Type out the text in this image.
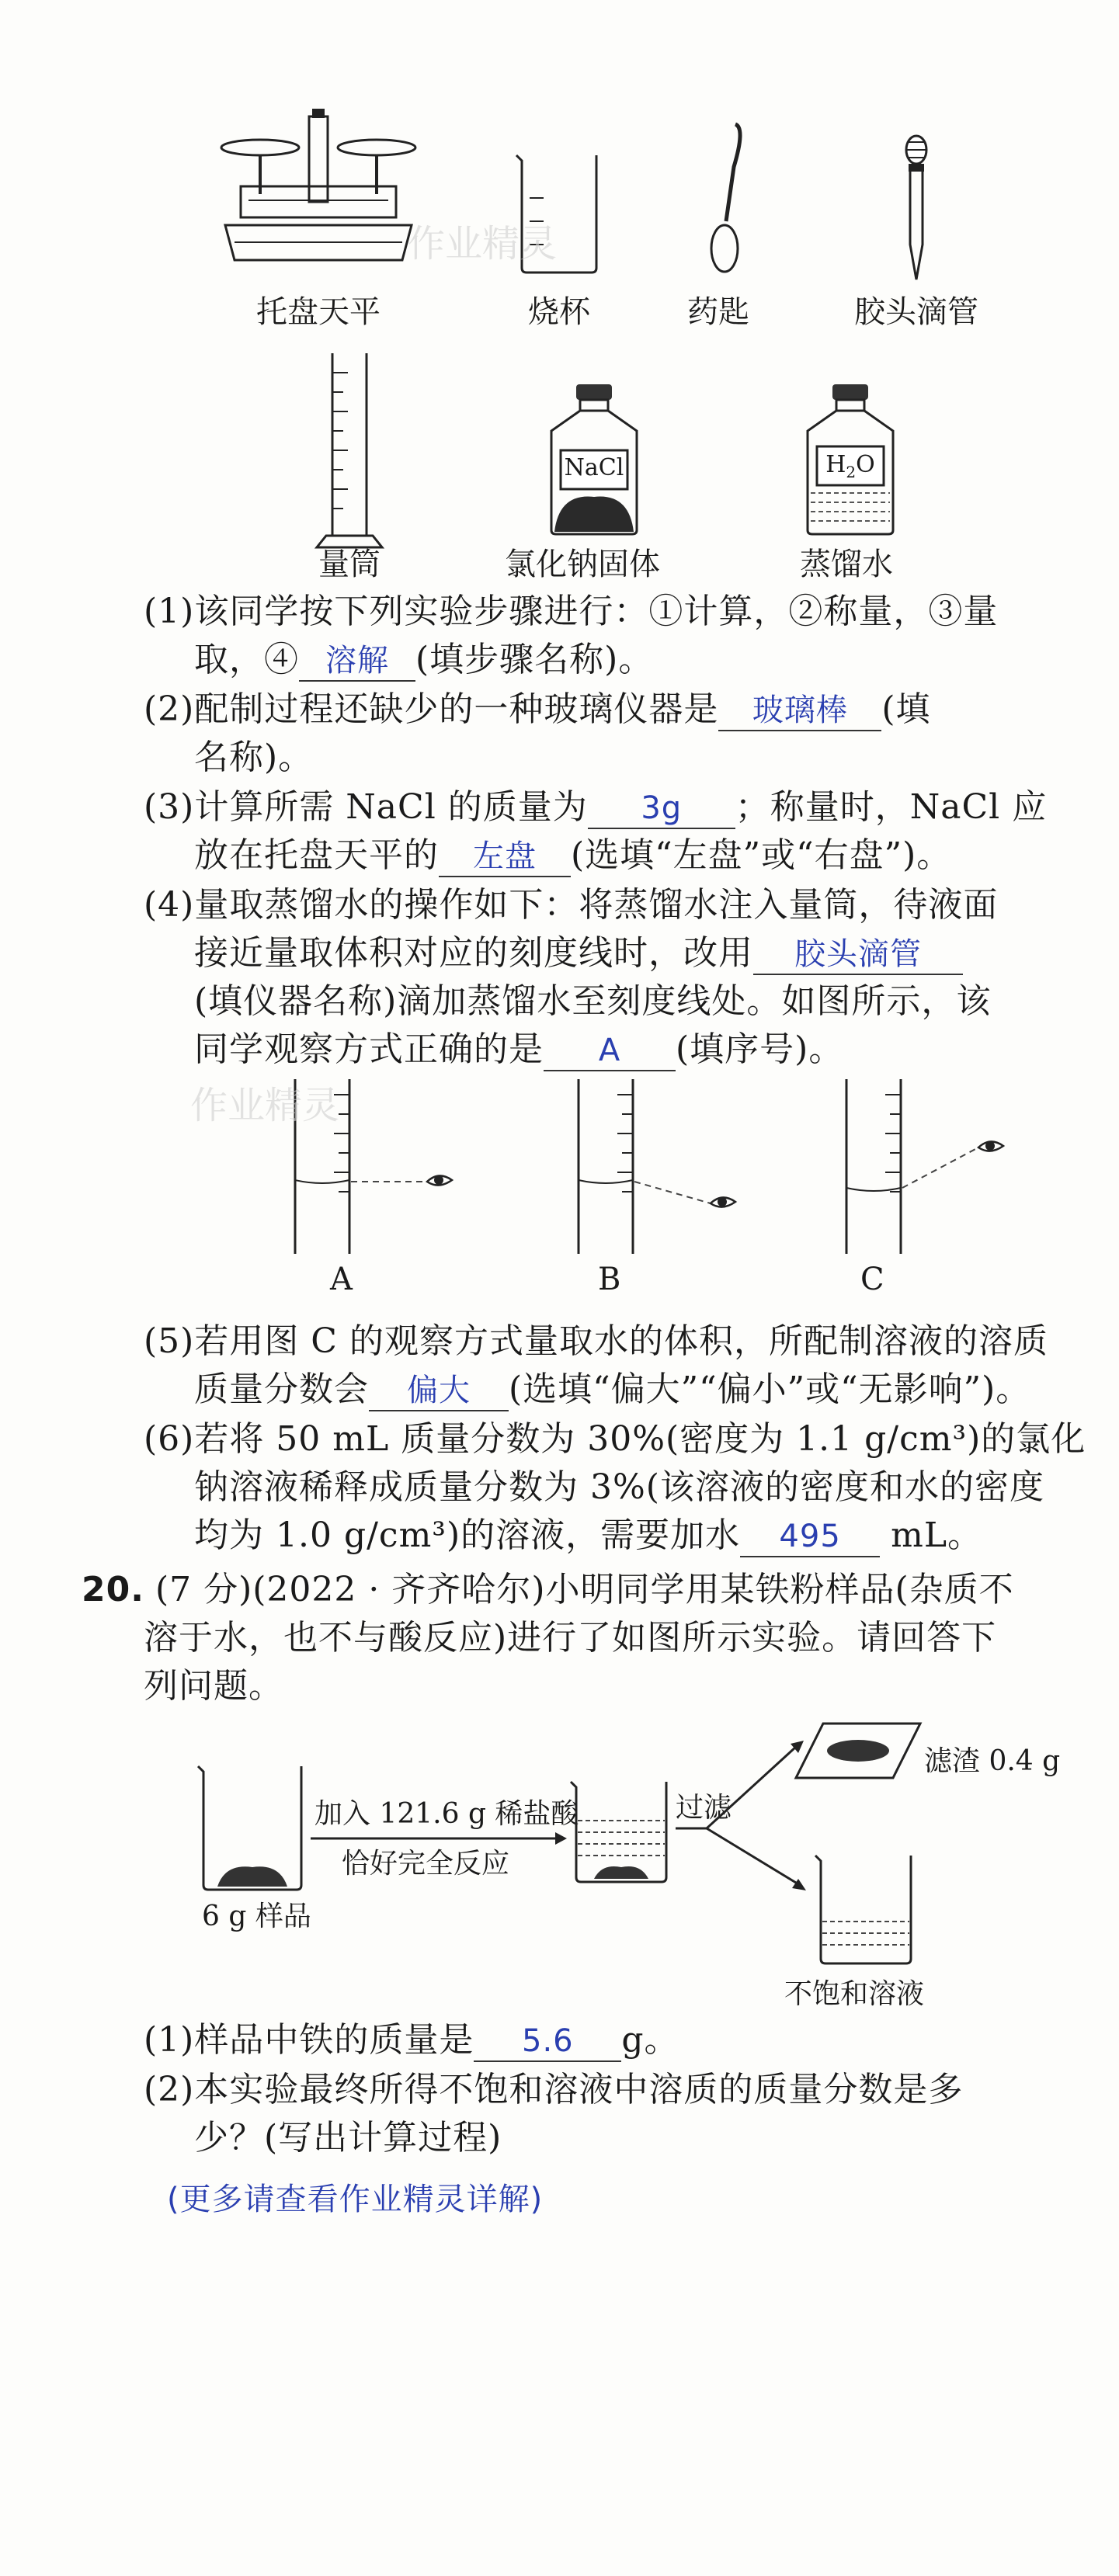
托盘天平	烧杯	药匙	胶头滴管
量筒
NaCl
氯化钠固体
$H_2O$
蒸馏水
作业精灵
(1)该同学按下列实验步骤进行：①计算，②称量，③量
取，④ 溶解 (填步骤名称)。
(2)配制过程还缺少的一种玻璃仪器是 玻璃棒 (填
名称)。
(3)计算所需 NaCl 的质量为 3g ；称量时，NaCl 应
放在托盘天平的 左盘 (选填“左盘”或“右盘”)。
(4)量取蒸馏水的操作如下：将蒸馏水注入量筒，待液面
接近量取体积对应的刻度线时，改用 胶头滴管
(填仪器名称)滴加蒸馏水至刻度线处。如图所示，该
同学观察方式正确的是 A (填序号)。
A	B	C
作业精灵
(5)若用图 C 的观察方式量取水的体积，所配制溶液的溶质
质量分数会 偏大 (选填“偏大”“偏小”或“无影响”)。
(6)若将 50 mL 质量分数为 30%(密度为 1.1 g/cm³)的氯化
钠溶液稀释成质量分数为 3%(该溶液的密度和水的密度
均为 1.0 g/cm³)的溶液，需要加水 495 mL。
20. (7 分)(2022 · 齐齐哈尔)小明同学用某铁粉样品(杂质不
溶于水，也不与酸反应)进行了如图所示实验。请回答下
列问题。
6 g 样品
加入 121.6 g 稀盐酸
恰好完全反应
过滤
滤渣 0.4 g
不饱和溶液
(1)样品中铁的质量是 5.6 g。
(2)本实验最终所得不饱和溶液中溶质的质量分数是多
少？(写出计算过程)
(更多请查看作业精灵详解)
